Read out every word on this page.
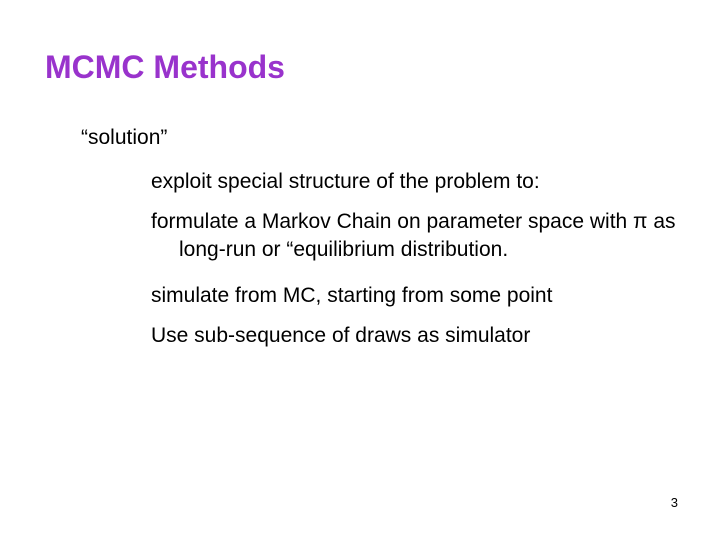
MCMC Methods
“solution”
exploit special structure of the problem to:
formulate a Markov Chain on parameter space with π as long-run or “equilibrium distribution.
simulate from MC, starting from some point
Use sub-sequence of draws as simulator
3
